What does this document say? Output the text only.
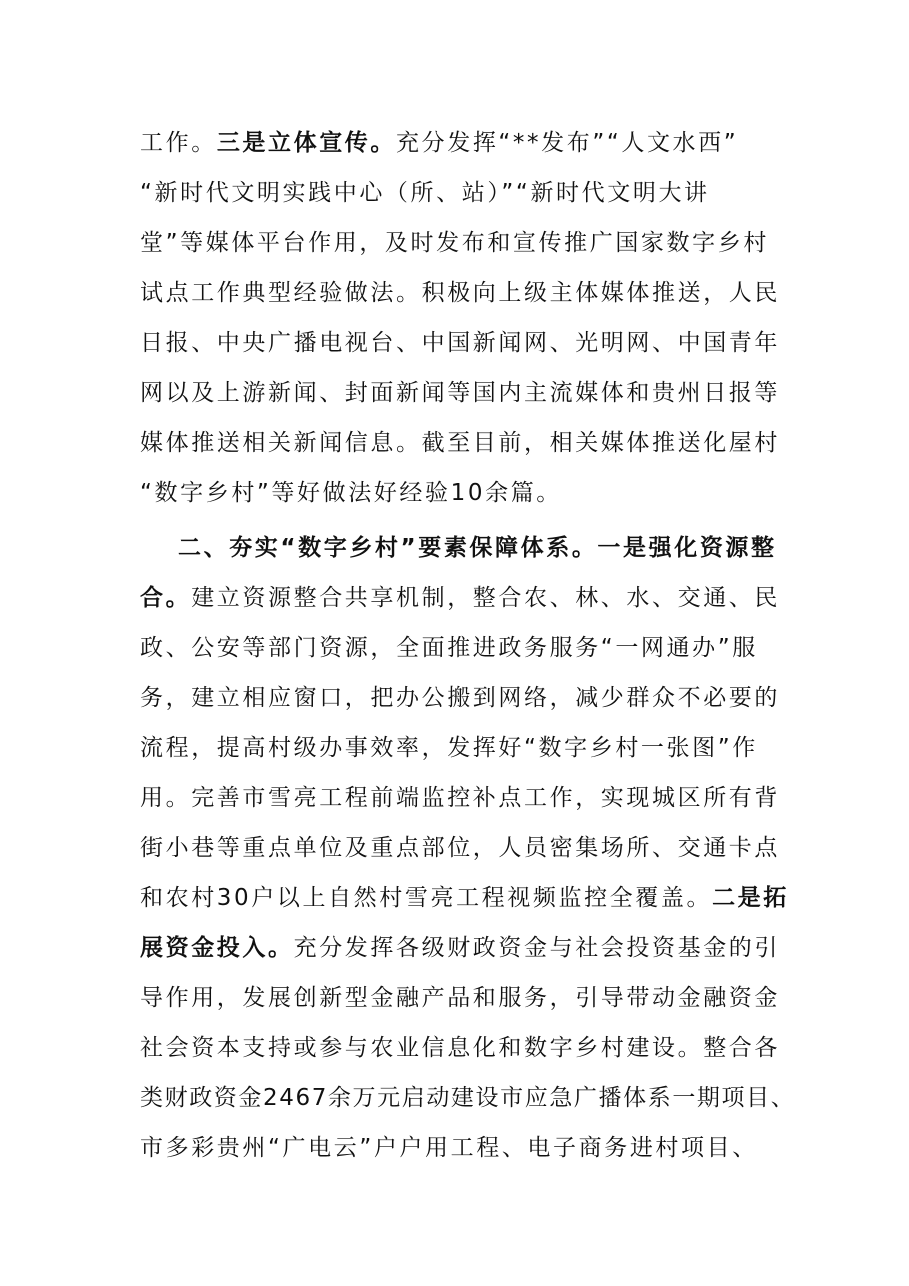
工作。三是立体宣传。充分发挥“**发布”“人文水西”
“新时代文明实践中心（所、站）”“新时代文明大讲
堂”等媒体平台作用，及时发布和宣传推广国家数字乡村
试点工作典型经验做法。积极向上级主体媒体推送，人民
日报、中央广播电视台、中国新闻网、光明网、中国青年
网以及上游新闻、封面新闻等国内主流媒体和贵州日报等
媒体推送相关新闻信息。截至目前，相关媒体推送化屋村
“数字乡村”等好做法好经验10余篇。
二、夯实“数字乡村”要素保障体系。一是强化资源整
合。建立资源整合共享机制，整合农、林、水、交通、民
政、公安等部门资源，全面推进政务服务“一网通办”服
务，建立相应窗口，把办公搬到网络，减少群众不必要的
流程，提高村级办事效率，发挥好“数字乡村一张图”作
用。完善市雪亮工程前端监控补点工作，实现城区所有背
街小巷等重点单位及重点部位，人员密集场所、交通卡点
和农村30户以上自然村雪亮工程视频监控全覆盖。二是拓
展资金投入。充分发挥各级财政资金与社会投资基金的引
导作用，发展创新型金融产品和服务，引导带动金融资金
社会资本支持或参与农业信息化和数字乡村建设。整合各
类财政资金2467余万元启动建设市应急广播体系一期项目、
市多彩贵州“广电云”户户用工程、电子商务进村项目、
